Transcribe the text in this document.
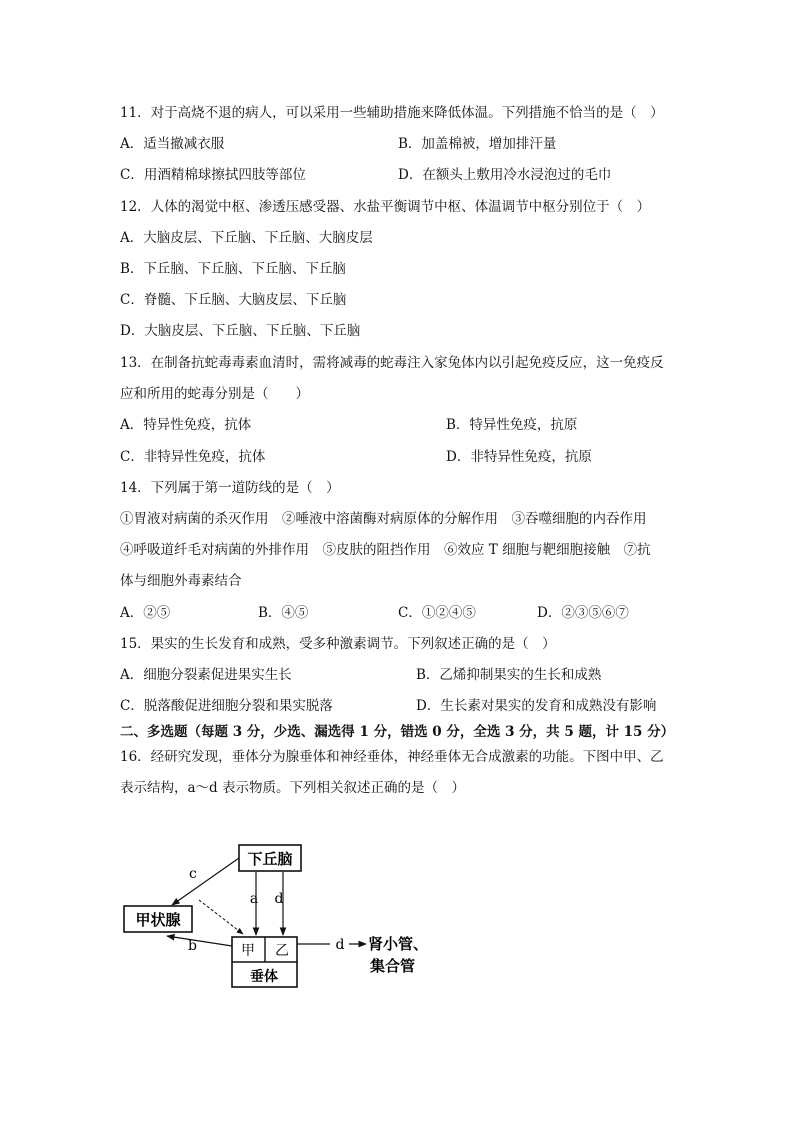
11．对于高烧不退的病人，可以采用一些辅助措施来降低体温。下列措施不恰当的是（　）
A．适当撤减衣服	B．加盖棉被，增加排汗量
C．用酒精棉球擦拭四肢等部位	D．在额头上敷用冷水浸泡过的毛巾
12．人体的渴觉中枢、渗透压感受器、水盐平衡调节中枢、体温调节中枢分别位于（　）
A．大脑皮层、下丘脑、下丘脑、大脑皮层
B．下丘脑、下丘脑、下丘脑、下丘脑
C．脊髓、下丘脑、大脑皮层、下丘脑
D．大脑皮层、下丘脑、下丘脑、下丘脑
13．在制备抗蛇毒毒素血清时，需将减毒的蛇毒注入家兔体内以引起免疫反应，这一免疫反
应和所用的蛇毒分别是（　　）
A．特异性免疫，抗体	B．特异性免疫，抗原
C．非特异性免疫，抗体	D．非特异性免疫，抗原
14．下列属于第一道防线的是（　）
①胃液对病菌的杀灭作用　②唾液中溶菌酶对病原体的分解作用　③吞噬细胞的内吞作用
④呼吸道纤毛对病菌的外排作用　⑤皮肤的阻挡作用　⑥效应 T 细胞与靶细胞接触　⑦抗
体与细胞外毒素结合
A．②⑤	B．④⑤	C．①②④⑤	D．②③⑤⑥⑦
15．果实的生长发育和成熟，受多种激素调节。下列叙述正确的是（　）
A．细胞分裂素促进果实生长	B．乙烯抑制果实的生长和成熟
C．脱落酸促进细胞分裂和果实脱落	D．生长素对果实的发育和成熟没有影响
二、多选题（每题 3 分，少选、漏选得 1 分，错选 0 分，全选 3 分，共 5 题，计 15 分）
16．经研究发现，垂体分为腺垂体和神经垂体，神经垂体无合成激素的功能。下图中甲、乙
表示结构，a～d 表示物质。下列相关叙述正确的是（　）
下丘脑
甲状腺
甲 乙
垂体
c
a d
b	d 肾小管、
集合管
